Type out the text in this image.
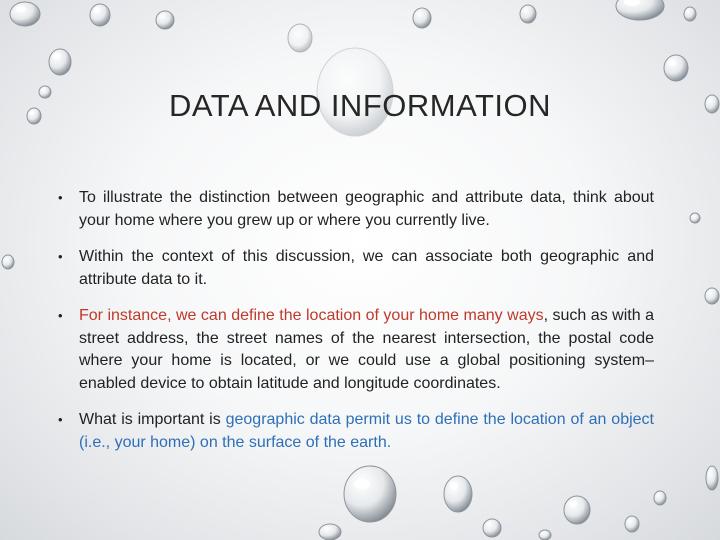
DATA AND INFORMATION
• To illustrate the distinction between geographic and attribute data, think about your home where you grew up or where you currently live.
• Within the context of this discussion, we can associate both geographic and attribute data to it.
• For instance, we can define the location of your home many ways, such as with a street address, the street names of the nearest intersection, the postal code where your home is located, or we could use a global positioning system–enabled device to obtain latitude and longitude coordinates.
• What is important is geographic data permit us to define the location of an object (i.e., your home) on the surface of the earth.
